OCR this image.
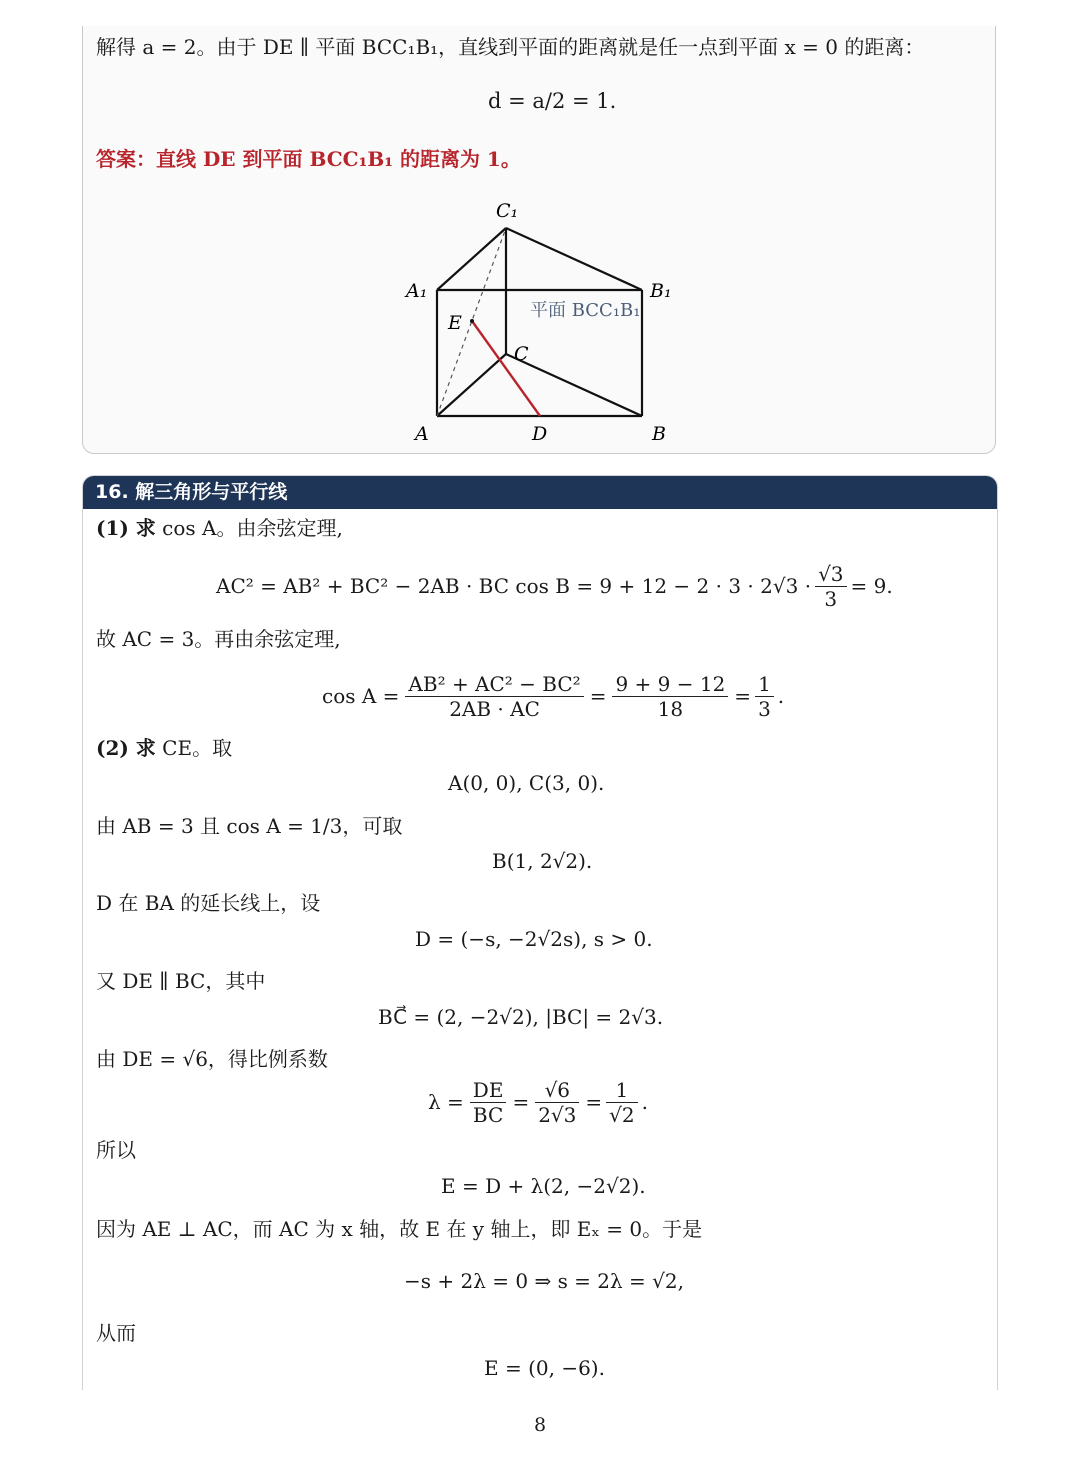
解得 a = 2。由于 DE ∥ 平面 BCC₁B₁，直线到平面的距离就是任一点到平面 x = 0 的距离：
d = a/2 = 1.
答案：直线 DE 到平面 BCC₁B₁ 的距离为 1。
C₁
A₁	B₁
E
C
A	D	B
平面 BCC₁B₁
16. 解三角形与平行线
(1) 求 cos A。由余弦定理,
AC² = AB² + BC² − 2AB · BC $\cos B = 9 + 12 - 2 \cdot 3 \cdot 2√3 \cdot \frac{√3}{3} = 9$.
故 AC = 3。再由余弦定理,
$\cos A = \frac{\text{AB² + AC² − BC²}}{2AB \cdot AC} = \frac{9 + 9 - 12}{18} = \frac{1}{3}$ .
(2) 求 CE。取
A(0, 0), C(3, 0).
由 AB = 3 且 cos A = 1/3，可取
B(1, 2√2).
D 在 BA 的延长线上，设
D = (−s, −2√2s), s > 0.
又 DE ∥ BC，其中
BC⃗ = (2, −2√2), |BC| = 2√3.
由 DE = √6，得比例系数
$\lambda = \frac{DE}{BC} = \frac{√6}{2√3} = \frac{1}{√2}$ .
所以
E = D + λ(2, −2√2).
因为 AE ⊥ AC，而 AC 为 x 轴，故 E 在 y 轴上，即 Eₓ = 0。于是
−s + 2λ = 0 ⇒ s = 2λ = √2,
从而
E = (0, −6).
8
